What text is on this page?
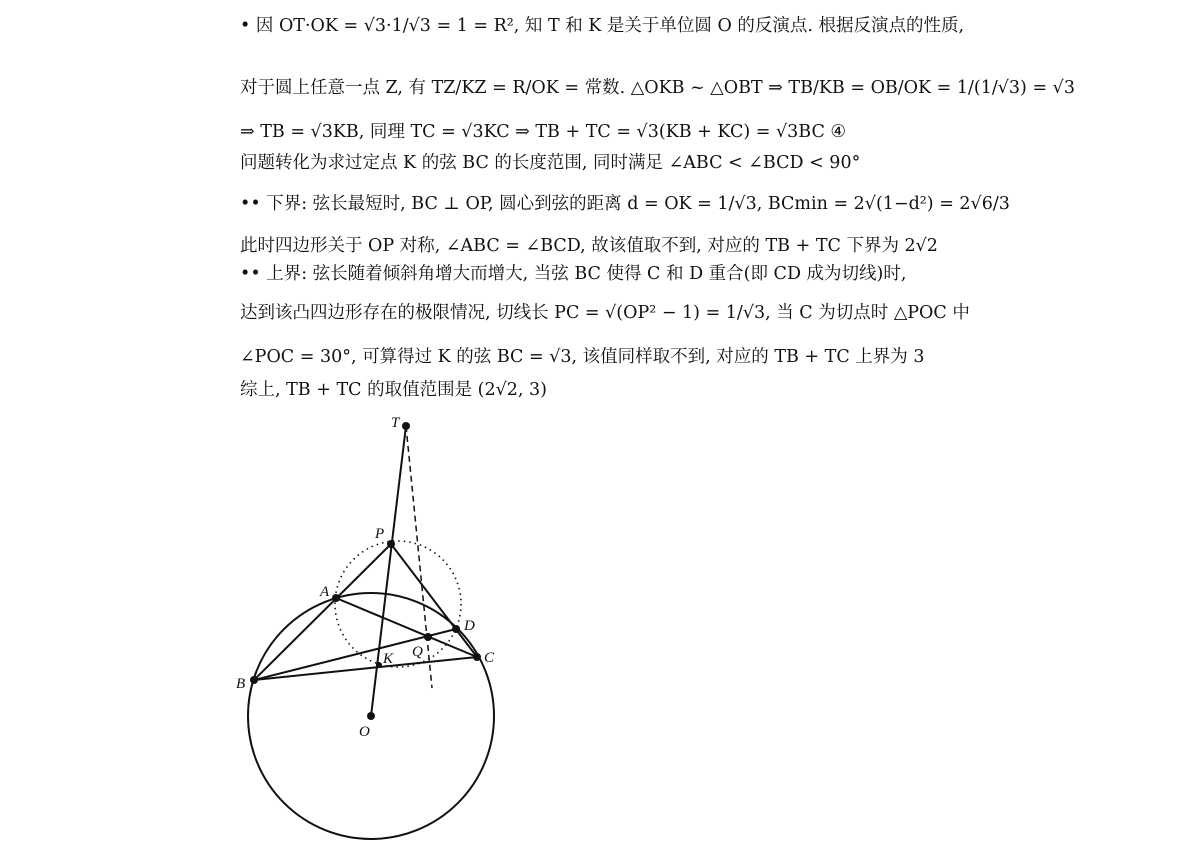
• 因 OT·OK = √3·1/√3 = 1 = R², 知 T 和 K 是关于单位圆 O 的反演点. 根据反演点的性质,
对于圆上任意一点 Z, 有 TZ/KZ = R/OK = 常数. △OKB ~ △OBT ⇒ TB/KB = OB/OK = 1/(1/√3) = √3
⇒ TB = √3KB, 同理 TC = √3KC ⇒ TB + TC = √3(KB + KC) = √3BC ④
问题转化为求过定点 K 的弦 BC 的长度范围, 同时满足 ∠ABC < ∠BCD < 90°
•• 下界: 弦长最短时, BC ⊥ OP, 圆心到弦的距离 d = OK = 1/√3, BCmin = 2√(1−d²) = 2√6/3
此时四边形关于 OP 对称, ∠ABC = ∠BCD, 故该值取不到, 对应的 TB + TC 下界为 2√2
•• 上界: 弦长随着倾斜角增大而增大, 当弦 BC 使得 C 和 D 重合(即 CD 成为切线)时,
达到该凸四边形存在的极限情况, 切线长 PC = √(OP² − 1) = 1/√3, 当 C 为切点时 △POC 中
∠POC = 30°, 可算得过 K 的弦 BC = √3, 该值同样取不到, 对应的 TB + TC 上界为 3
综上, TB + TC 的取值范围是 (2√2, 3)
T
P
A
D
Q	C
K
B
O
